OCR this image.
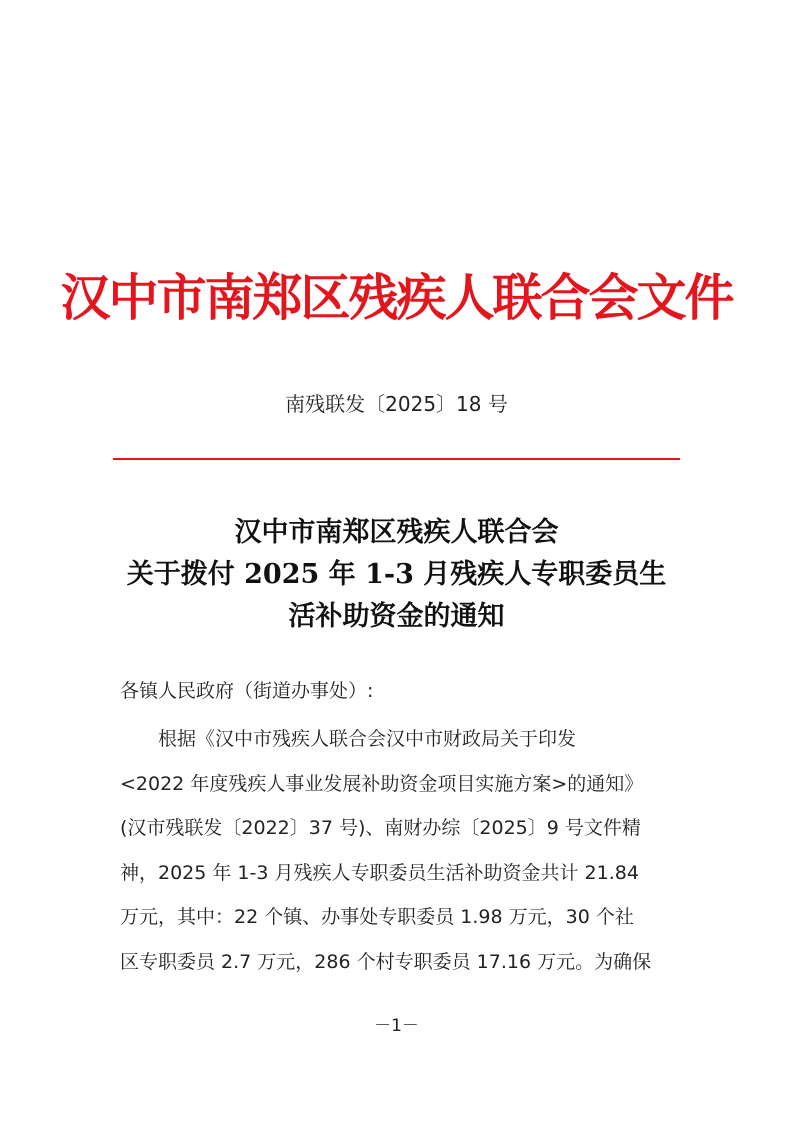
汉中市南郑区残疾人联合会文件
南残联发〔2025〕18 号
汉中市南郑区残疾人联合会
关于拨付 2025 年 1-3 月残疾人专职委员生
活补助资金的通知
各镇人民政府（街道办事处）:
根据《汉中市残疾人联合会汉中市财政局关于印发
<2022 年度残疾人事业发展补助资金项目实施方案>的通知》
(汉市残联发〔2022〕37 号)、南财办综〔2025〕9 号文件精
神，2025 年 1-3 月残疾人专职委员生活补助资金共计 21.84
万元，其中：22 个镇、办事处专职委员 1.98 万元，30 个社
区专职委员 2.7 万元，286 个村专职委员 17.16 万元。为确保
－1－
